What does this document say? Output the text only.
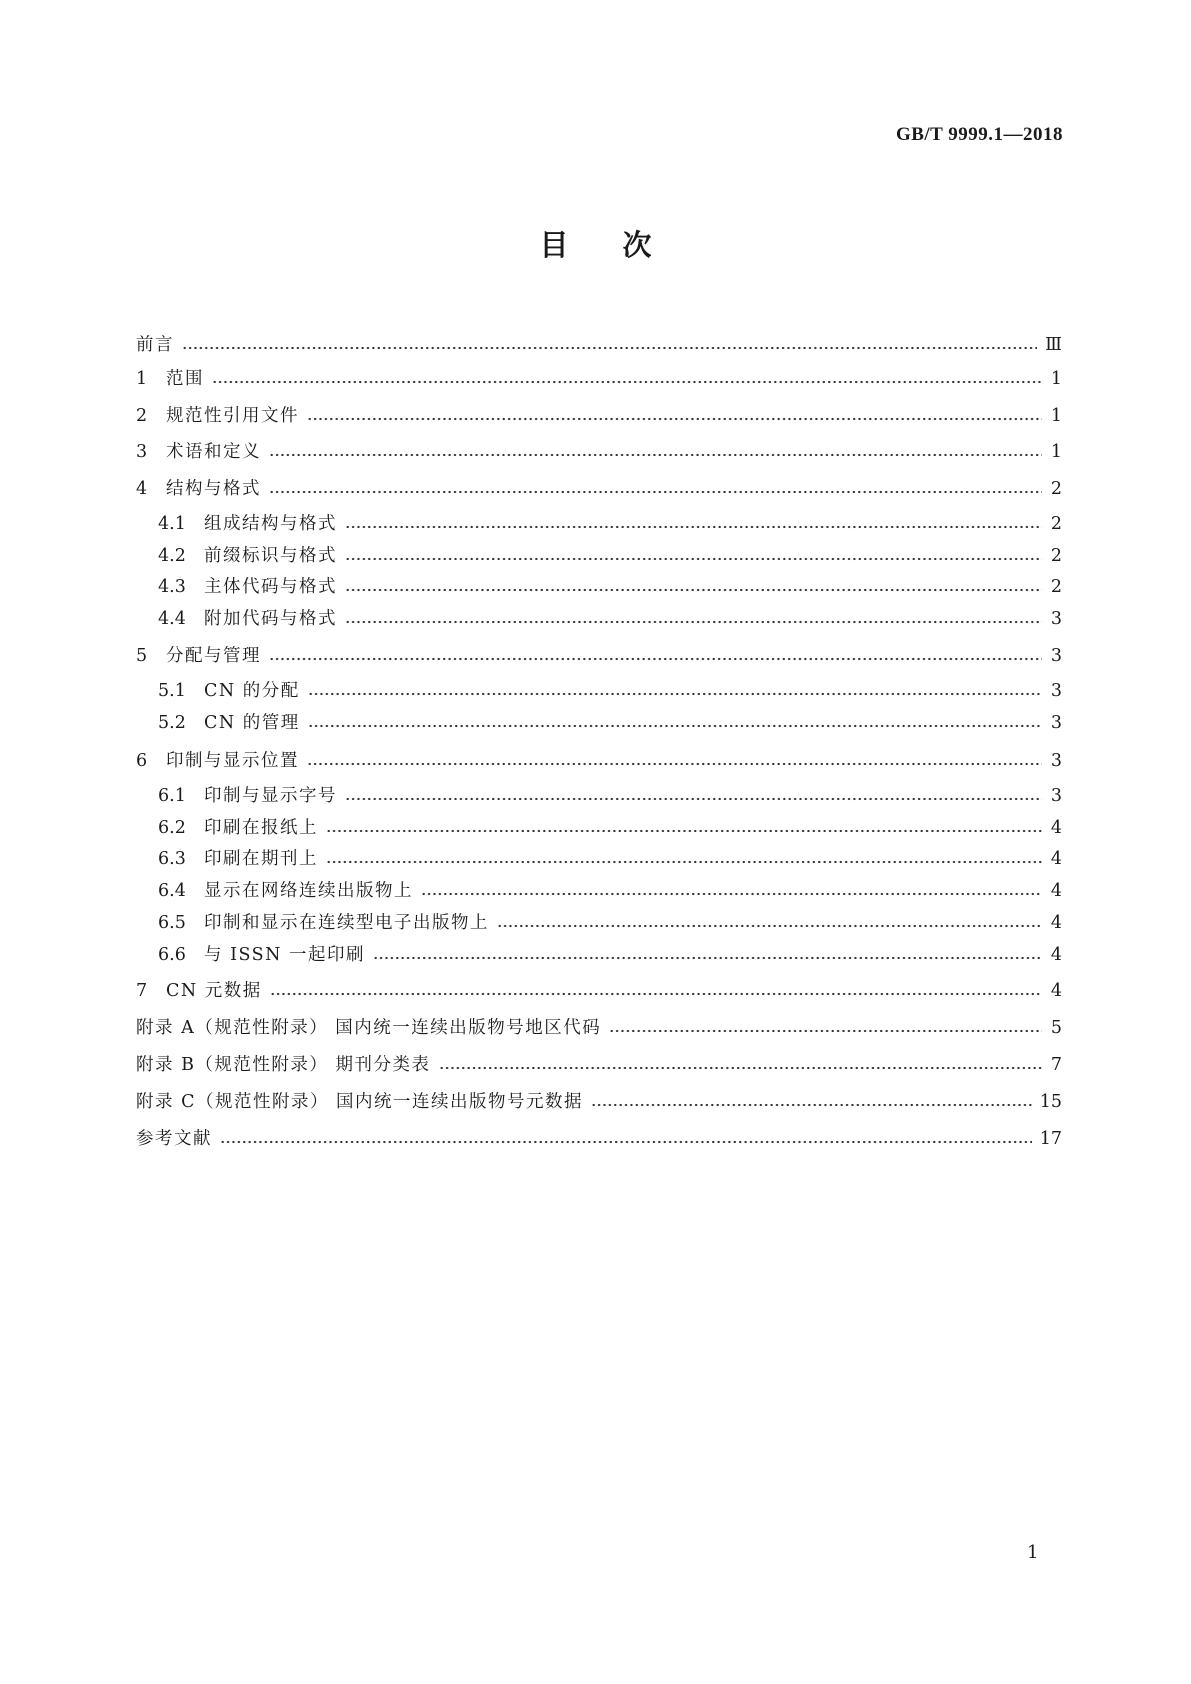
GB/T 9999.1—2018
目次
前言	Ⅲ
1	范围	1
2	规范性引用文件	1
3	术语和定义	1
4	结构与格式	2
4.1	组成结构与格式	2
4.2	前缀标识与格式	2
4.3	主体代码与格式	2
4.4	附加代码与格式	3
5	分配与管理	3
5.1	CN 的分配	3
5.2	CN 的管理	3
6	印制与显示位置	3
6.1	印制与显示字号	3
6.2	印刷在报纸上	4
6.3	印刷在期刊上	4
6.4	显示在网络连续出版物上	4
6.5	印制和显示在连续型电子出版物上	4
6.6	与 ISSN 一起印刷	4
7	CN 元数据	4
附录 A（规范性附录） 国内统一连续出版物号地区代码	5
附录 B（规范性附录） 期刊分类表	7
附录 C（规范性附录） 国内统一连续出版物号元数据	15
参考文献	17
1
